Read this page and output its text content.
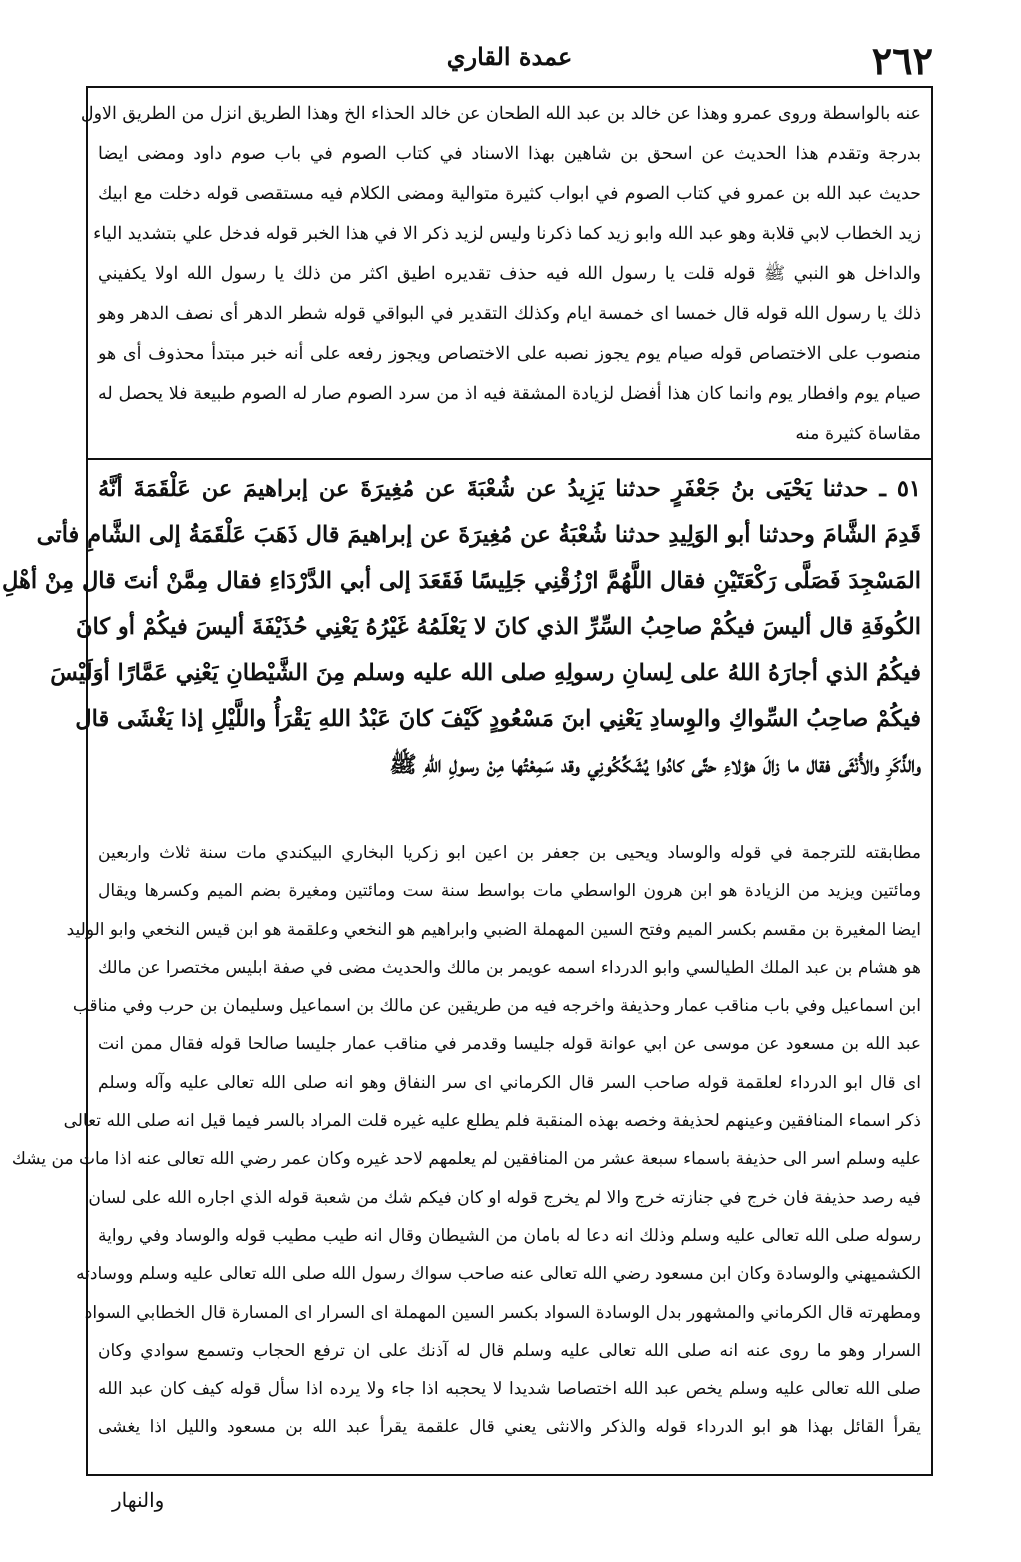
٢٦٢
عمدة القاري
عنه بالواسطة وروى عمرو وهذا عن خالد بن عبد الله الطحان عن خالد الحذاء الخ وهذا الطريق انزل من الطريق الاول
بدرجة وتقدم هذا الحديث عن اسحق بن شاهين بهذا الاسناد في كتاب الصوم في باب صوم داود ومضى ايضا
حديث عبد الله بن عمرو في كتاب الصوم في ابواب كثيرة متوالية ومضى الكلام فيه مستقصى قوله دخلت مع ابيك
زيد الخطاب لابي قلابة وهو عبد الله وابو زيد كما ذكرنا وليس لزيد ذكر الا في هذا الخبر قوله فدخل علي بتشديد الياء
والداخل هو النبي ﷺ قوله قلت يا رسول الله فيه حذف تقديره اطيق اكثر من ذلك يا رسول الله اولا يكفيني
ذلك يا رسول الله قوله قال خمسا اى خمسة ايام وكذلك التقدير في البواقي قوله شطر الدهر أى نصف الدهر وهو
منصوب على الاختصاص قوله صيام يوم يجوز نصبه على الاختصاص ويجوز رفعه على أنه خبر مبتدأ محذوف أى هو
صيام يوم وافطار يوم وانما كان هذا أفضل لزيادة المشقة فيه اذ من سرد الصوم صار له الصوم طبيعة فلا يحصل له
مقاساة كثيرة منه
٥١ ـ حدثنا يَحْيَى بنُ جَعْفَرٍ حدثنا يَزِيدُ عن شُعْبَةَ عن مُغِيرَةَ عن إبراهيمَ عن عَلْقَمَةَ أنَّهُ
قَدِمَ الشَّامَ وحدثنا أبو الوَلِيدِ حدثنا شُعْبَةُ عن مُغِيرَةَ عن إبراهيمَ قال ذَهَبَ عَلْقَمَةُ إلى الشَّامِ فأتى
المَسْجِدَ فَصَلَّى رَكْعَتَيْنِ فقال اللَّهُمَّ ارْزُقْنِي جَلِيسًا فَقَعَدَ إلى أبي الدَّرْدَاءِ فقال مِمَّنْ أنتَ قال مِنْ أهْلِ
الكُوفَةِ قال أليسَ فيكُمْ صاحِبُ السِّرِّ الذي كانَ لا يَعْلَمُهُ غَيْرُهُ يَعْنِي حُذَيْفَةَ أليسَ فيكُمْ أو كانَ
فيكُمُ الذي أجارَهُ اللهُ على لِسانِ رسولِهِ صلى الله عليه وسلم مِنَ الشَّيْطانِ يَعْنِي عَمَّارًا أوَلَيْسَ
فيكُمْ صاحِبُ السِّواكِ والوِسادِ يَعْنِي ابنَ مَسْعُودٍ كَيْفَ كانَ عَبْدُ اللهِ يَقْرَأُ واللَّيْلِ إذا يَغْشَى قال
والذَّكَرِ والأُنْثَى فقال ما زالَ هؤلاءِ حتَّى كادُوا يُشَكِّكُونِي وقد سَمِعْتُها مِنْ رسولِ اللهِ ﷺ
مطابقته للترجمة في قوله والوساد ويحيى بن جعفر بن اعين ابو زكريا البخاري البيكندي مات سنة ثلاث واربعين
ومائتين ويزيد من الزيادة هو ابن هرون الواسطي مات بواسط سنة ست ومائتين ومغيرة بضم الميم وكسرها ويقال
ايضا المغيرة بن مقسم بكسر الميم وفتح السين المهملة الضبي وابراهيم هو النخعي وعلقمة هو ابن قيس النخعي وابو الوليد
هو هشام بن عبد الملك الطيالسي وابو الدرداء اسمه عويمر بن مالك والحديث مضى في صفة ابليس مختصرا عن مالك
ابن اسماعيل وفي باب مناقب عمار وحذيفة واخرجه فيه من طريقين عن مالك بن اسماعيل وسليمان بن حرب وفي مناقب
عبد الله بن مسعود عن موسى عن ابي عوانة قوله جليسا وقدمر في مناقب عمار جليسا صالحا قوله فقال ممن انت
اى قال ابو الدرداء لعلقمة قوله صاحب السر قال الكرماني اى سر النفاق وهو انه صلى الله تعالى عليه وآله وسلم
ذكر اسماء المنافقين وعينهم لحذيفة وخصه بهذه المنقبة فلم يطلع عليه غيره قلت المراد بالسر فيما قيل انه صلى الله تعالى
عليه وسلم اسر الى حذيفة باسماء سبعة عشر من المنافقين لم يعلمهم لاحد غيره وكان عمر رضي الله تعالى عنه اذا مات من يشك
فيه رصد حذيفة فان خرج في جنازته خرج والا لم يخرج قوله او كان فيكم شك من شعبة قوله الذي اجاره الله على لسان
رسوله صلى الله تعالى عليه وسلم وذلك انه دعا له بامان من الشيطان وقال انه طيب مطيب قوله والوساد وفي رواية
الكشميهني والوسادة وكان ابن مسعود رضي الله تعالى عنه صاحب سواك رسول الله صلى الله تعالى عليه وسلم ووسادته
ومطهرته قال الكرماني والمشهور بدل الوسادة السواد بكسر السين المهملة اى السرار اى المسارة قال الخطابي السواد
السرار وهو ما روى عنه انه صلى الله تعالى عليه وسلم قال له آذنك على ان ترفع الحجاب وتسمع سوادي وكان
صلى الله تعالى عليه وسلم يخص عبد الله اختصاصا شديدا لا يحجبه اذا جاء ولا يرده اذا سأل قوله كيف كان عبد الله
يقرأ القائل بهذا هو ابو الدرداء قوله والذكر والانثى يعني قال علقمة يقرأ عبد الله بن مسعود والليل اذا يغشى
والنهار
